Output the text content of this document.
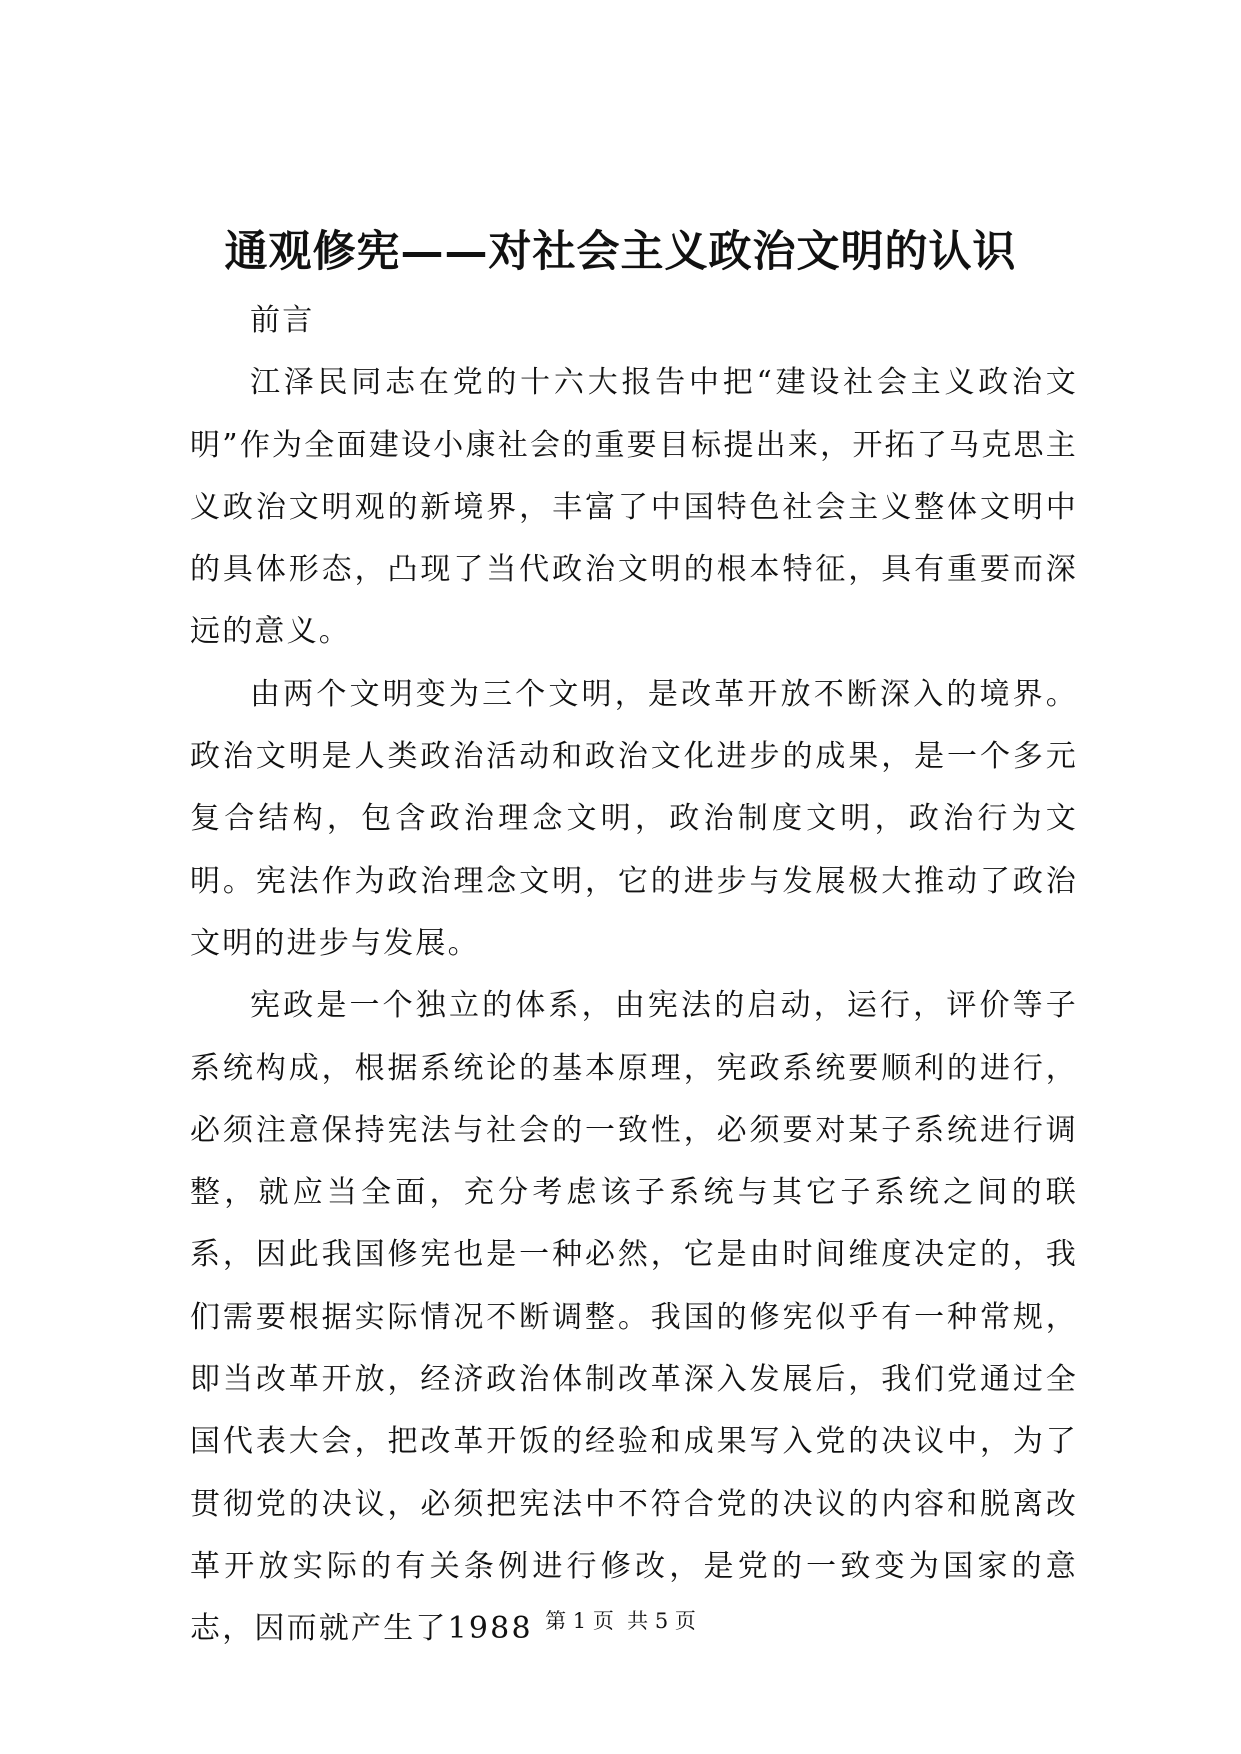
通观修宪——对社会主义政治文明的认识

前言

江泽民同志在党的十六大报告中把“建设社会主义政治文明”作为全面建设小康社会的重要目标提出来，开拓了马克思主义政治文明观的新境界，丰富了中国特色社会主义整体文明中的具体形态，凸现了当代政治文明的根本特征，具有重要而深远的意义。

由两个文明变为三个文明，是改革开放不断深入的境界。政治文明是人类政治活动和政治文化进步的成果，是一个多元复合结构，包含政治理念文明，政治制度文明，政治行为文明。宪法作为政治理念文明，它的进步与发展极大推动了政治文明的进步与发展。

宪政是一个独立的体系，由宪法的启动，运行，评价等子系统构成，根据系统论的基本原理，宪政系统要顺利的进行，必须注意保持宪法与社会的一致性，必须要对某子系统进行调整，就应当全面，充分考虑该子系统与其它子系统之间的联系，因此我国修宪也是一种必然，它是由时间维度决定的，我们需要根据实际情况不断调整。我国的修宪似乎有一种常规，即当改革开放，经济政治体制改革深入发展后，我们党通过全国代表大会，把改革开饭的经验和成果写入党的决议中，为了贯彻党的决议，必须把宪法中不符合党的决议的内容和脱离改革开放实际的有关条例进行修改，是党的一致变为国家的意志，因而就产生了1988 第 1 页  共 5 页
